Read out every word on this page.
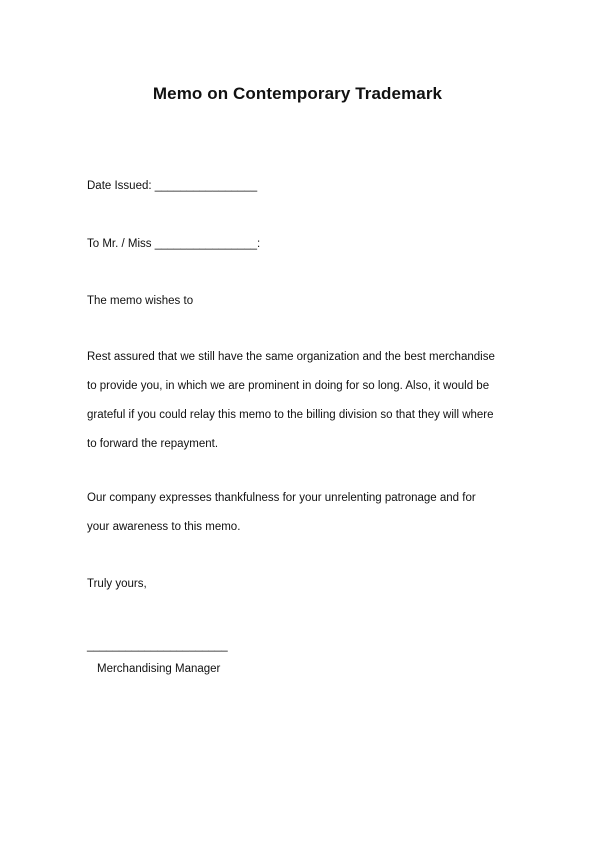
Memo on Contemporary Trademark
Date Issued: ________________
To Mr. / Miss ________________:
The memo wishes to
Rest assured that we still have the same organization and the best merchandise
to provide you, in which we are prominent in doing for so long. Also, it would be
grateful if you could relay this memo to the billing division so that they will where
to forward the repayment.
Our company expresses thankfulness for your unrelenting patronage and for
your awareness to this memo.
Truly yours,
______________________
Merchandising Manager
